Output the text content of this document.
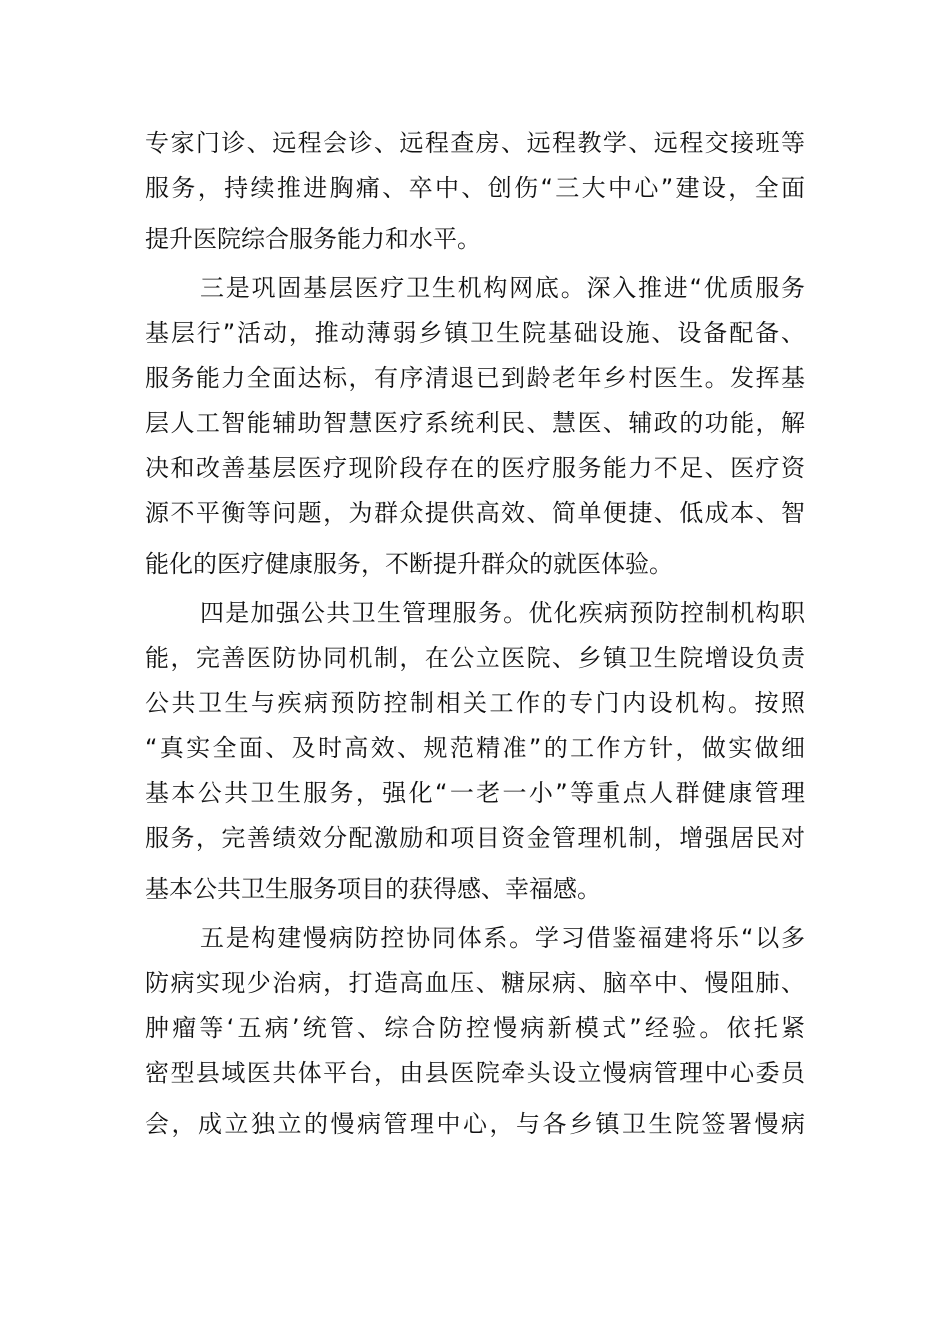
专家门诊、远程会诊、远程查房、远程教学、远程交接班等
服务，持续推进胸痛、卒中、创伤“三大中心”建设，全面
提升医院综合服务能力和水平。
三是巩固基层医疗卫生机构网底。深入推进“优质服务
基层行”活动，推动薄弱乡镇卫生院基础设施、设备配备、
服务能力全面达标，有序清退已到龄老年乡村医生。发挥基
层人工智能辅助智慧医疗系统利民、慧医、辅政的功能，解
决和改善基层医疗现阶段存在的医疗服务能力不足、医疗资
源不平衡等问题，为群众提供高效、简单便捷、低成本、智
能化的医疗健康服务，不断提升群众的就医体验。
四是加强公共卫生管理服务。优化疾病预防控制机构职
能，完善医防协同机制，在公立医院、乡镇卫生院增设负责
公共卫生与疾病预防控制相关工作的专门内设机构。按照
“真实全面、及时高效、规范精准”的工作方针，做实做细
基本公共卫生服务，强化“一老一小”等重点人群健康管理
服务，完善绩效分配激励和项目资金管理机制，增强居民对
基本公共卫生服务项目的获得感、幸福感。
五是构建慢病防控协同体系。学习借鉴福建将乐“以多
防病实现少治病，打造高血压、糖尿病、脑卒中、慢阻肺、
肿瘤等‘五病’统管、综合防控慢病新模式”经验。依托紧
密型县域医共体平台，由县医院牵头设立慢病管理中心委员
会，成立独立的慢病管理中心，与各乡镇卫生院签署慢病
